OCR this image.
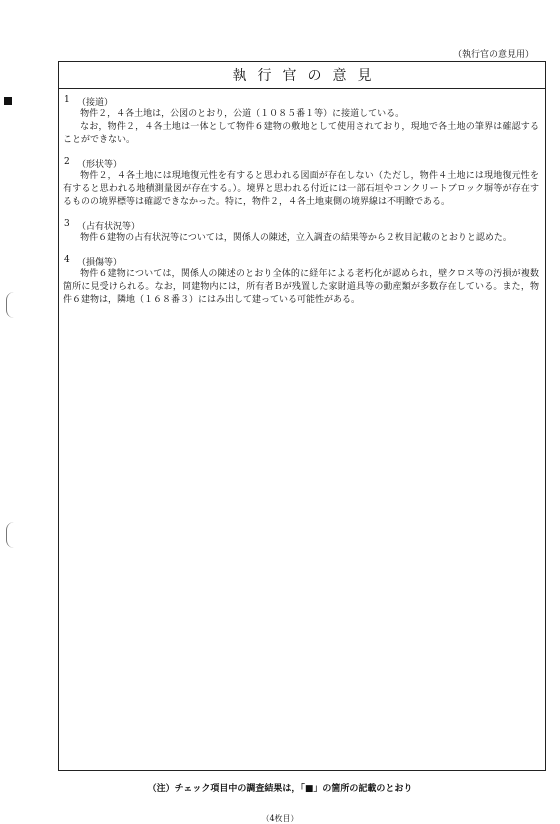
（執行官の意見用）
執行官の意見
1 （接道）

物件２，４各土地は，公図のとおり，公道（１０８５番１等）に接道している。

なお，物件２，４各土地は一体として物件６建物の敷地として使用されており，現地で各土地の筆界は確認することができない。

2 （形状等）

物件２，４各土地には現地復元性を有すると思われる図面が存在しない（ただし，物件４土地には現地復元性を有すると思われる地積測量図が存在する。）。境界と思われる付近には一部石垣やコンクリートブロック塀等が存在するものの境界標等は確認できなかった。特に，物件２，４各土地東側の境界線は不明瞭である。

3 （占有状況等）

物件６建物の占有状況等については，関係人の陳述，立入調査の結果等から２枚目記載のとおりと認めた。

4 （損傷等）

物件６建物については，関係人の陳述のとおり全体的に経年による老朽化が認められ，壁クロス等の汚損が複数箇所に見受けられる。なお，同建物内には，所有者Ｂが残置した家財道具等の動産類が多数存在している。また，物件６建物は，隣地（１６８番３）にはみ出して建っている可能性がある。

（注）チェック項目中の調査結果は，「■」の箇所の記載のとおり
（4枚目）
